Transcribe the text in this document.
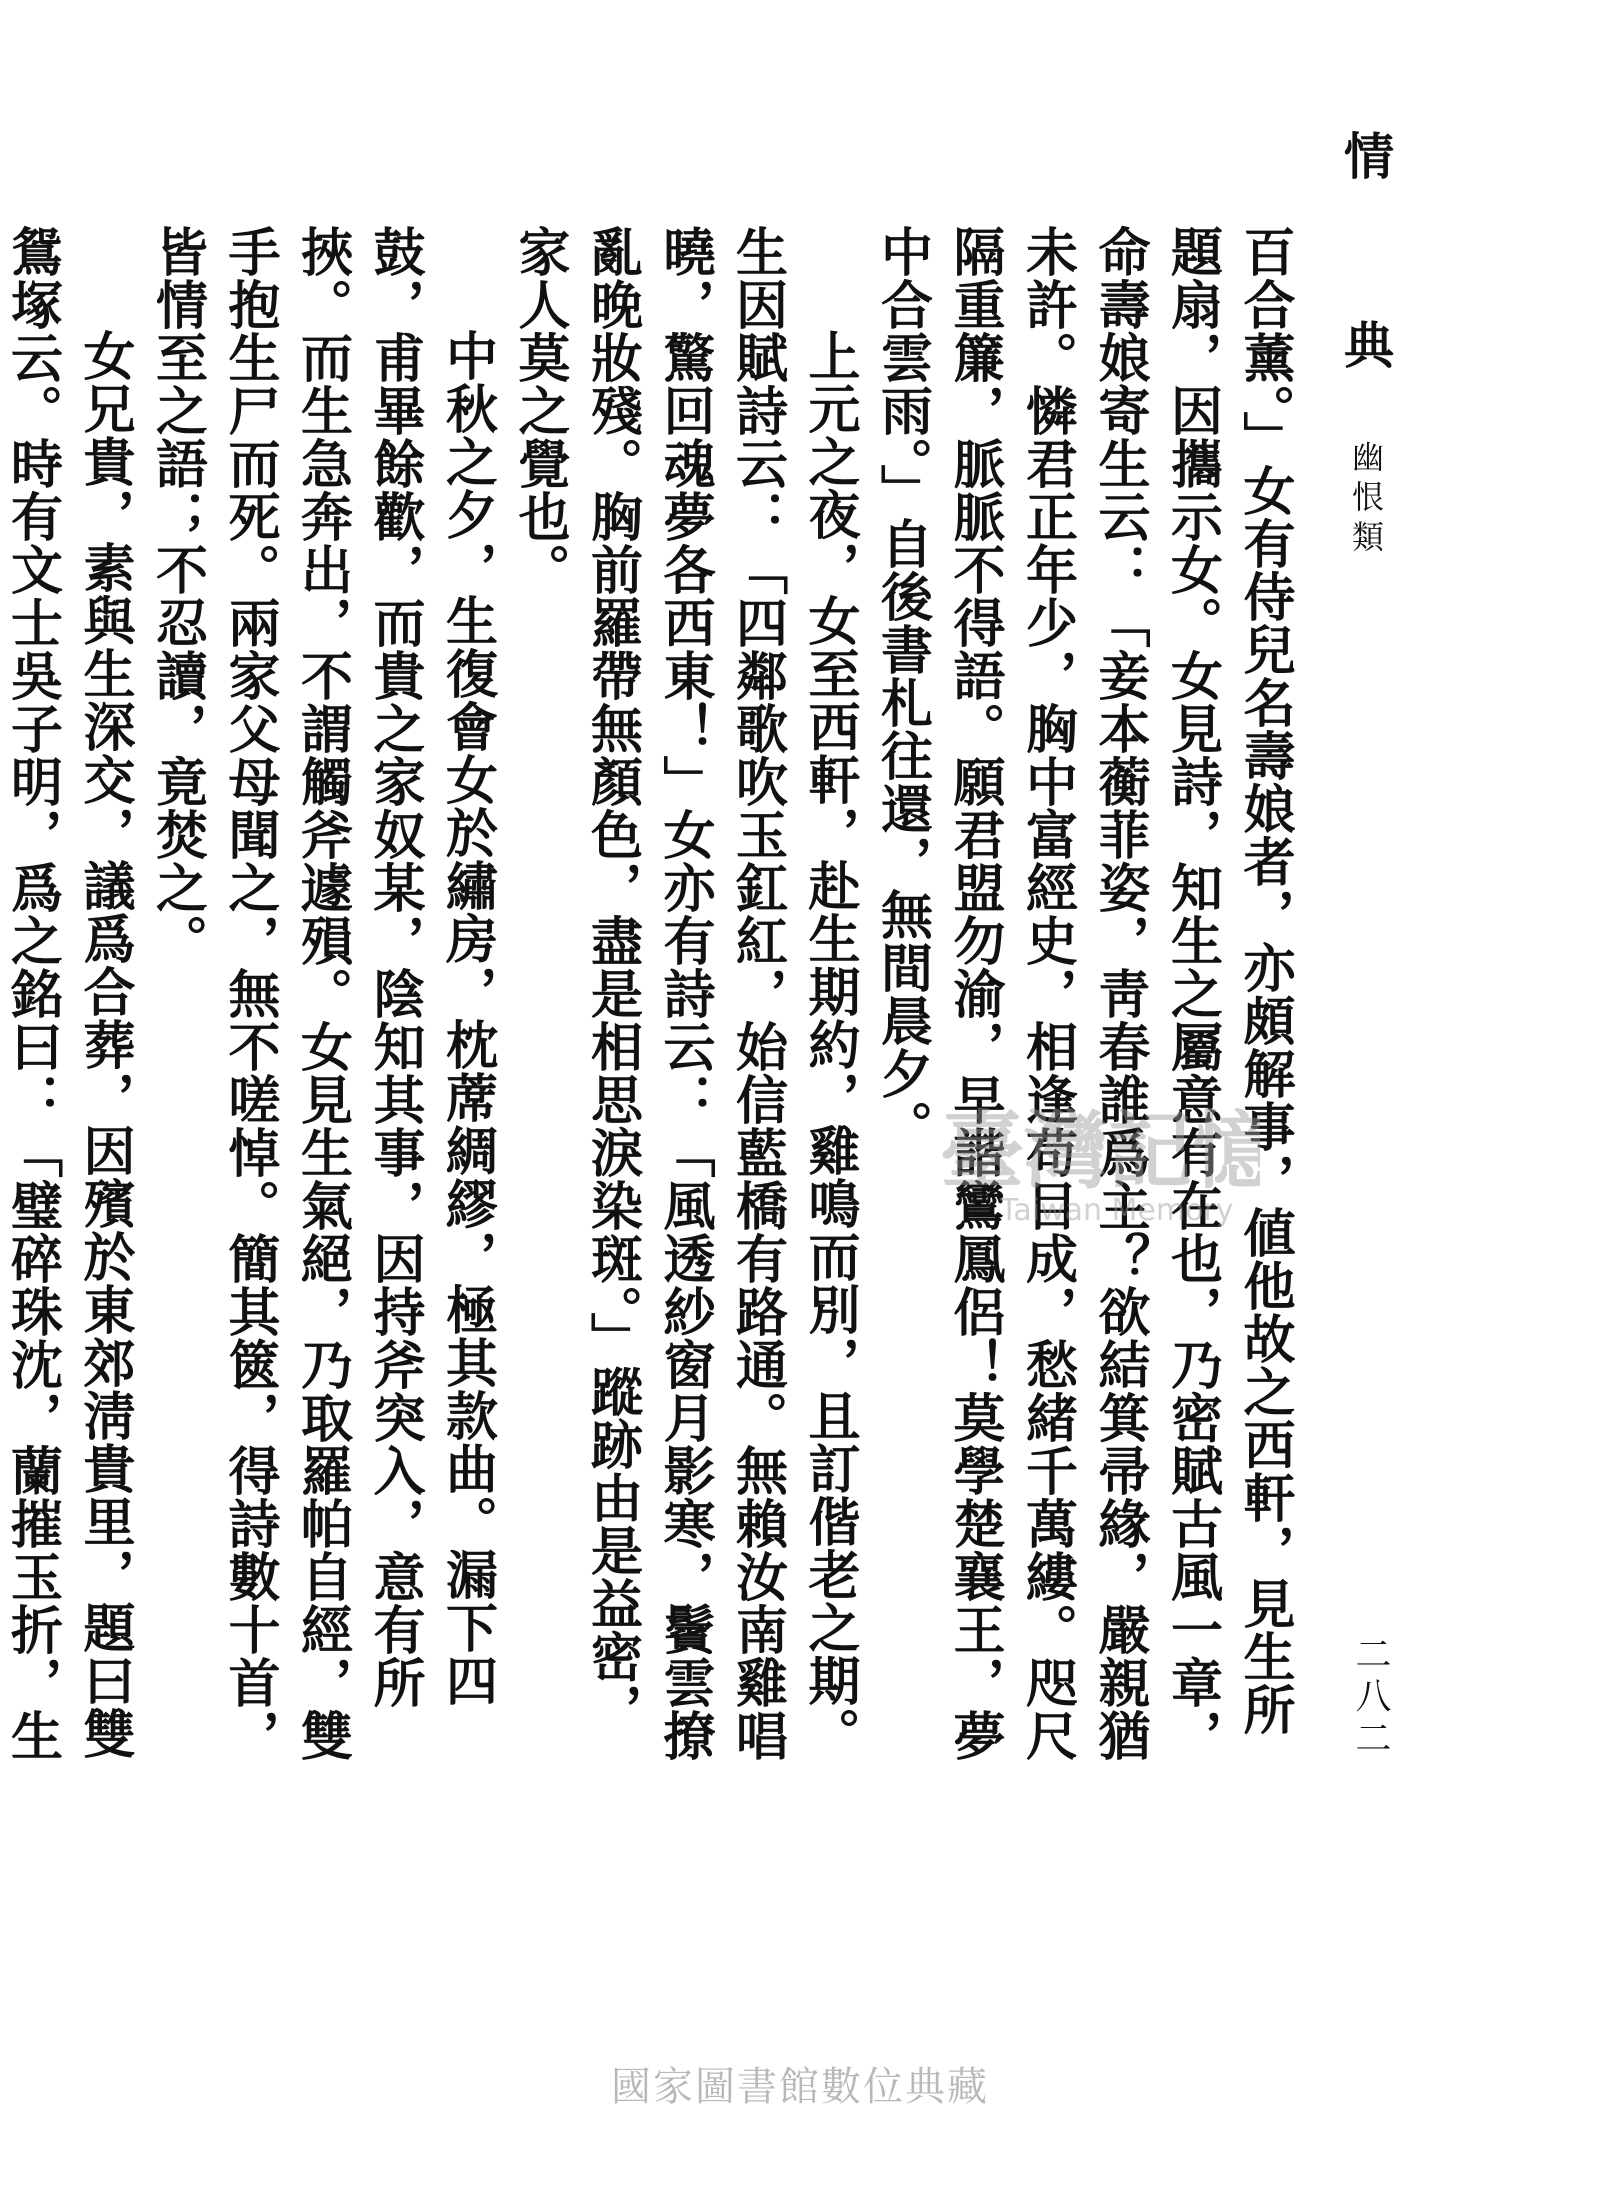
情 典
幽恨類
二八二

百合薰。」女有侍兒名壽娘者，亦頗解事，値他故之西軒，見生所題扇，因攜示女。女見詩，知生之屬意有在也，乃密賦古風一章，命壽娘寄生云：「妾本蘅菲姿，靑春誰爲主？欲結箕帚緣，嚴親猶未許。憐君正年少，胸中富經史，相逢苟目成，愁緒千萬縷。咫尺隔重簾，脈脈不得語。願君盟勿渝，早諧鸞鳳侶！莫學楚襄王，夢中合雲雨。」自後書札往還，無間晨夕。

上元之夜，女至西軒，赴生期約，雞鳴而別，且訂偕老之期。生因賦詩云：「四鄰歌吹玉釭紅，始信藍橋有路通。無賴汝南雞唱曉，驚回魂夢各西東！」女亦有詩云：「風透紗窗月影寒，鬢雲撩亂晚妝殘。胸前羅帶無顏色，盡是相思淚染斑。」蹤跡由是益密，家人莫之覺也。

中秋之夕，生復會女於繡房，枕蓆綢繆，極其款曲。漏下四鼓，甫畢餘歡，而貴之家奴某，陰知其事，因持斧突入，意有所挾。而生急奔出，不謂觸斧遽殞。女見生氣絕，乃取羅帕自經，雙手抱生尸而死。兩家父母聞之，無不嗟悼。簡其篋，得詩數十首，皆情至之語；不忍讀，竟焚之。

女兄貴，素與生深交，議爲合葬，因殯於東郊淸貴里，題曰雙鴛塚云。時有文士吳子明，爲之銘曰：「璧碎珠沈，蘭摧玉折，生

臺灣記憶
Taiwan Memory
國家圖書館數位典藏
